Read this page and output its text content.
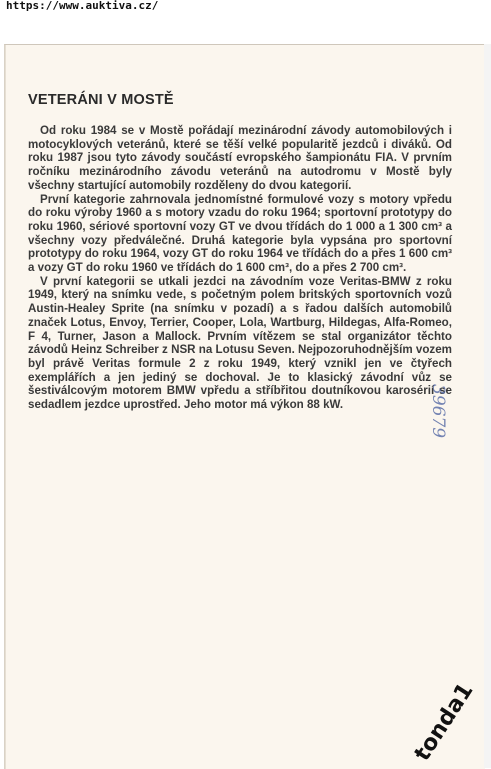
https://www.auktiva.cz/
VETERÁNI V MOSTĚ

Od roku 1984 se v Mostě pořádají mezinárodní závody automobilových i motocyklových veteránů, které se těší velké popularitě jezdců i diváků. Od roku 1987 jsou tyto závody součástí evropského šampionátu FIA. V prvním ročníku mezinárodního závodu veteránů na autodromu v Mostě byly všechny startující automobily rozděleny do dvou kategorií.

První kategorie zahrnovala jednomístné formulové vozy s motory vpředu do roku výroby 1960 a s motory vzadu do roku 1964; sportovní prototypy do roku 1960, sériové sportovní vozy GT ve dvou třídách do 1 000 a 1 300 cm³ a všechny vozy předválečné. Druhá kategorie byla vypsána pro sportovní prototypy do roku 1964, vozy GT do roku 1964 ve třídách do a přes 1 600 cm³ a vozy GT do roku 1960 ve třídách do 1 600 cm³, do a přes 2 700 cm³.

V první kategorii se utkali jezdci na závodním voze Veritas-BMW z roku 1949, který na snímku vede, s početným polem britských sportovních vozů Austin-Healey Sprite (na snímku v pozadí) a s řadou dalších automobilů značek Lotus, Envoy, Terrier, Cooper, Lola, Wartburg, Hildegas, Alfa-Romeo, F 4, Turner, Jason a Mallock. Prvním vítězem se stal organizátor těchto závodů Heinz Schreiber z NSR na Lotusu Seven. Nejpozoruhodnějším vozem byl právě Veritas formule 2 z roku 1949, který vznikl jen ve čtyřech exemplářích a jen jediný se dochoval. Je to klasický závodní vůz se šestiválcovým motorem BMW vpředu a stříbřitou doutníkovou karosérií se sedadlem jezdce uprostřed. Jeho motor má výkon 88 kW.	39679
tonda1
